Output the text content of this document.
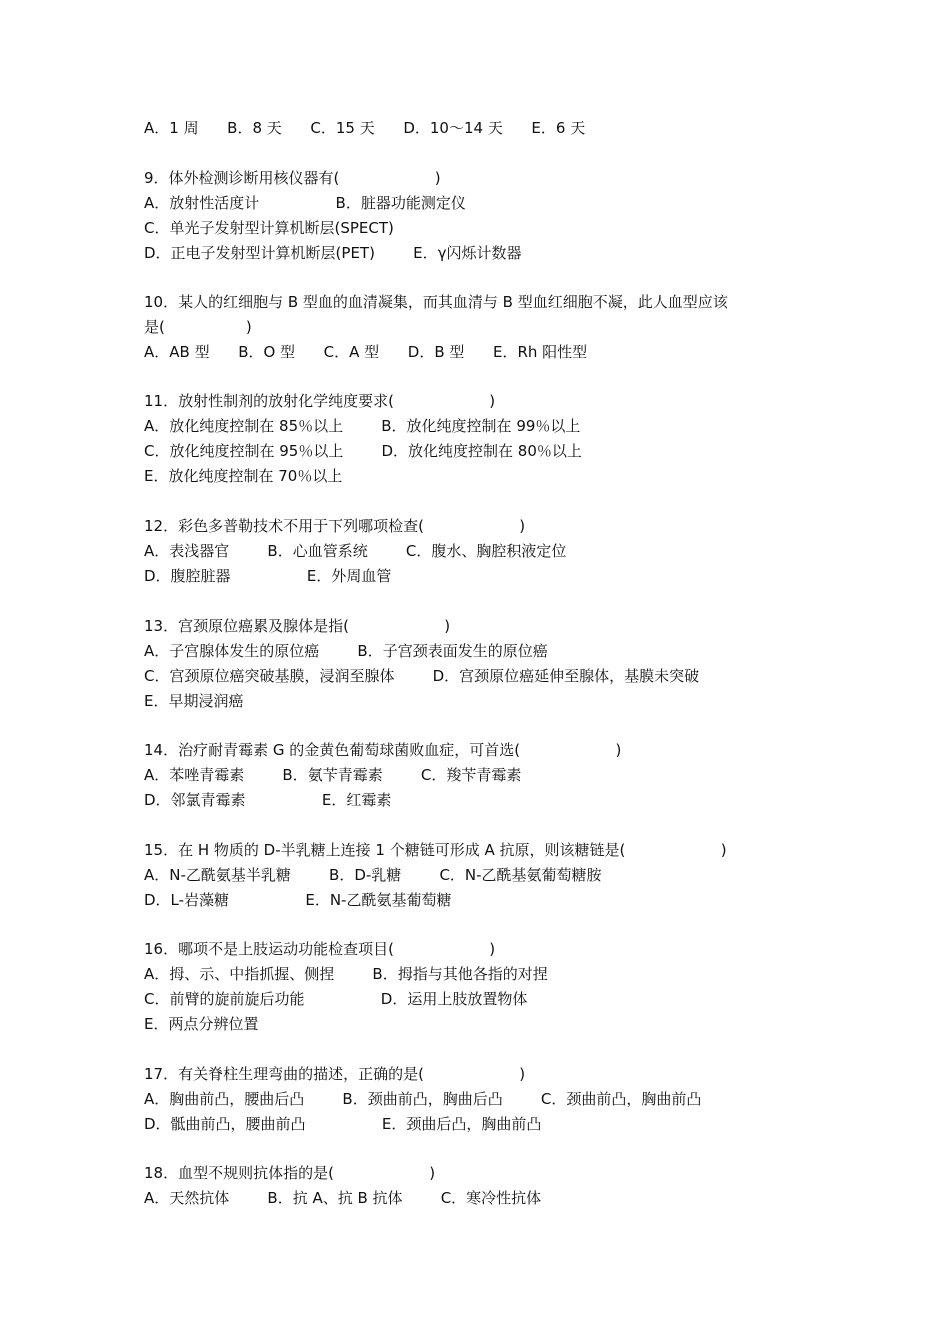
A．1 周      B．8 天      C．15 天      D．10～14 天      E．6 天
9．体外检测诊断用核仪器有(                    )
A．放射性活度计                B．脏器功能测定仪
C．单光子发射型计算机断层(SPECT)
D．正电子发射型计算机断层(PET)        E．γ闪烁计数器
10．某人的红细胞与 B 型血的血清凝集，而其血清与 B 型血红细胞不凝，此人血型应该
是(                 )
A．AB 型      B．O 型      C．A 型      D．B 型      E．Rh 阳性型
11．放射性制剂的放射化学纯度要求(                    )
A．放化纯度控制在 85％以上        B．放化纯度控制在 99％以上
C．放化纯度控制在 95％以上        D．放化纯度控制在 80％以上
E．放化纯度控制在 70％以上
12．彩色多普勒技术不用于下列哪项检查(                    )
A．表浅器官        B．心血管系统        C．腹水、胸腔积液定位
D．腹腔脏器                E．外周血管
13．宫颈原位癌累及腺体是指(                    )
A．子宫腺体发生的原位癌        B．子宫颈表面发生的原位癌
C．宫颈原位癌突破基膜，浸润至腺体        D．宫颈原位癌延伸至腺体，基膜未突破
E．早期浸润癌
14．治疗耐青霉素 G 的金黄色葡萄球菌败血症，可首选(                    )
A．苯唑青霉素        B．氨苄青霉素        C．羧苄青霉素
D．邻氯青霉素                E．红霉素
15．在 H 物质的 D-半乳糖上连接 1 个糖链可形成 A 抗原，则该糖链是(                    )
A．N-乙酰氨基半乳糖        B．D-乳糖        C．N-乙酰基氨葡萄糖胺
D．L-岩藻糖                E．N-乙酰氨基葡萄糖
16．哪项不是上肢运动功能检查项目(                    )
A．拇、示、中指抓握、侧捏        B．拇指与其他各指的对捏
C．前臂的旋前旋后功能                D．运用上肢放置物体
E．两点分辨位置
17．有关脊柱生理弯曲的描述，正确的是(                    )
A．胸曲前凸，腰曲后凸        B．颈曲前凸，胸曲后凸        C．颈曲前凸，胸曲前凸
D．骶曲前凸，腰曲前凸                E．颈曲后凸，胸曲前凸
18．血型不规则抗体指的是(                    )
A．天然抗体        B．抗 A、抗 B 抗体        C．寒冷性抗体
